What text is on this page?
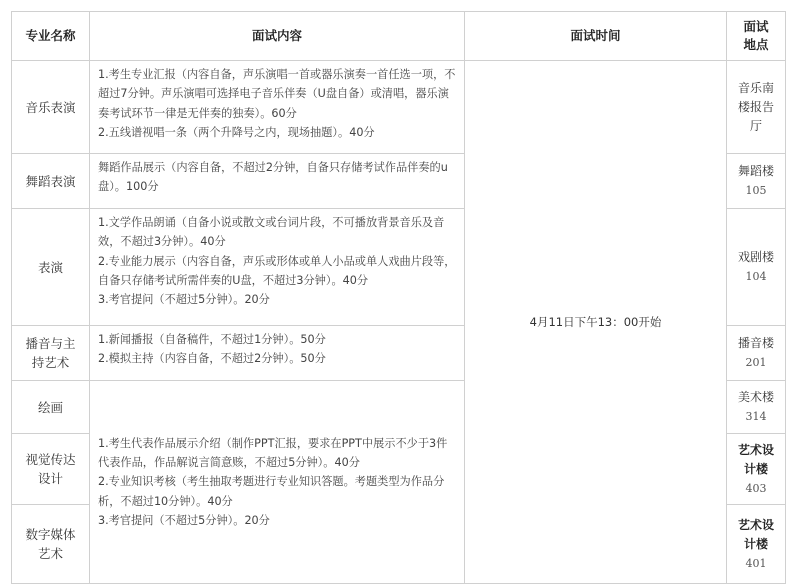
专业名称	面试内容	面试时间
面试地点
音乐表演
舞蹈表演
表演
播音与主持艺术
绘画
视觉传达设计
数字媒体艺术
1.考生专业汇报（内容自备，声乐演唱一首或器乐演奏一首任选一项，不超过7分钟。声乐演唱可选择电子音乐伴奏（U盘自备）或清唱，器乐演奏考试环节一律是无伴奏的独奏）。60分
2.五线谱视唱一条（两个升降号之内，现场抽题）。40分
舞蹈作品展示（内容自备，不超过2分钟，自备只存储考试作品伴奏的u盘）。100分
1.文学作品朗诵（自备小说或散文或台词片段，不可播放背景音乐及音效，不超过3分钟）。40分
2.专业能力展示（内容自备，声乐或形体或单人小品或单人戏曲片段等，自备只存储考试所需伴奏的U盘，不超过3分钟）。40分
3.考官提问（不超过5分钟）。20分
1.新闻播报（自备稿件，不超过1分钟）。50分
2.模拟主持（内容自备，不超过2分钟）。50分
1.考生代表作品展示介绍（制作PPT汇报，要求在PPT中展示不少于3件代表作品，作品解说言简意赅，不超过5分钟）。40分
2.专业知识考核（考生抽取考题进行专业知识答题。考题类型为作品分析，不超过10分钟）。40分
3.考官提问（不超过5分钟）。20分
4月11日下午13：00开始
音乐南楼报告厅
舞蹈楼
105
戏剧楼
104
播音楼
201
美术楼
314
艺术设计楼
403
艺术设计楼
401
